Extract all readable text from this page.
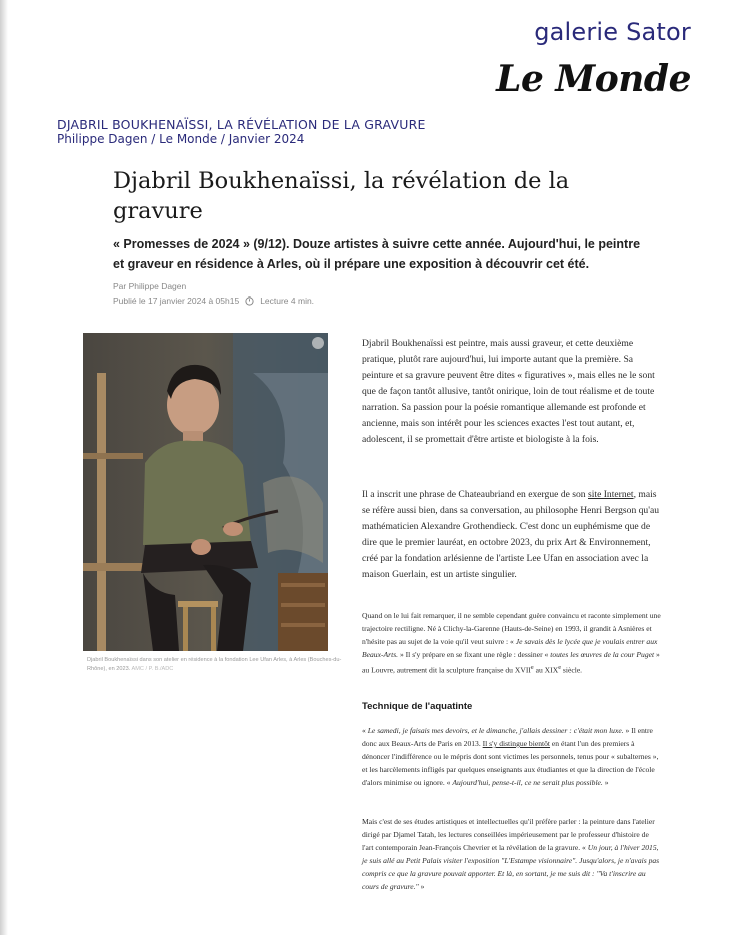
galerie Sator
Le Monde
DJABRIL BOUKHENAÏSSI, LA RÉVÉLATION DE LA GRAVURE
Philippe Dagen / Le Monde / Janvier 2024
Djabril Boukhenaïssi, la révélation de la gravure
« Promesses de 2024 » (9/12). Douze artistes à suivre cette année. Aujourd'hui, le peintre et graveur en résidence à Arles, où il prépare une exposition à découvrir cet été.
Par Philippe Dagen
Publié le 17 janvier 2024 à 05h15 Lecture 4 min.
Djabril Boukhenaïssi dans son atelier en résidence à la fondation Lee Ufan Arles, à Arles (Bouches-du-Rhône), en 2023. AMC / P. B./ADC

Djabril Boukhenaïssi est peintre, mais aussi graveur, et cette deuxième pratique, plutôt rare aujourd'hui, lui importe autant que la première. Sa peinture et sa gravure peuvent être dites « figuratives », mais elles ne le sont que de façon tantôt allusive, tantôt onirique, loin de tout réalisme et de toute narration. Sa passion pour la poésie romantique allemande est profonde et ancienne, mais son intérêt pour les sciences exactes l'est tout autant, et, adolescent, il se promettait d'être artiste et biologiste à la fois.

Il a inscrit une phrase de Chateaubriand en exergue de son site Internet, mais se réfère aussi bien, dans sa conversation, au philosophe Henri Bergson qu'au mathématicien Alexandre Grothendieck. C'est donc un euphémisme que de dire que le premier lauréat, en octobre 2023, du prix Art & Environnement, créé par la fondation arlésienne de l'artiste Lee Ufan en association avec la maison Guerlain, est un artiste singulier.

Quand on le lui fait remarquer, il ne semble cependant guère convaincu et raconte simplement une trajectoire rectiligne. Né à Clichy-la-Garenne (Hauts-de-Seine) en 1993, il grandit à Asnières et n'hésite pas au sujet de la voie qu'il veut suivre : « Je savais dès le lycée que je voulais entrer aux Beaux-Arts. » Il s'y prépare en se fixant une règle : dessiner « toutes les œuvres de la cour Puget » au Louvre, autrement dit la sculpture française du XVIIe au XIXe siècle.

Technique de l'aquatinte

« Le samedi, je faisais mes devoirs, et le dimanche, j'allais dessiner : c'était mon luxe. » Il entre donc aux Beaux-Arts de Paris en 2013. Il s'y distingue bientôt en étant l'un des premiers à dénoncer l'indifférence ou le mépris dont sont victimes les personnels, tenus pour « subalternes », et les harcèlements infligés par quelques enseignants aux étudiantes et que la direction de l'école d'alors minimise ou ignore. « Aujourd'hui, pense-t-il, ce ne serait plus possible. »

Mais c'est de ses études artistiques et intellectuelles qu'il préfère parler : la peinture dans l'atelier dirigé par Djamel Tatah, les lectures conseillées impérieusement par le professeur d'histoire de l'art contemporain Jean-François Chevrier et la révélation de la gravure. « Un jour, à l'hiver 2015, je suis allé au Petit Palais visiter l'exposition "L'Estampe visionnaire". Jusqu'alors, je n'avais pas compris ce que la gravure pouvait apporter. Et là, en sortant, je me suis dit : "Va t'inscrire au cours de gravure." »
